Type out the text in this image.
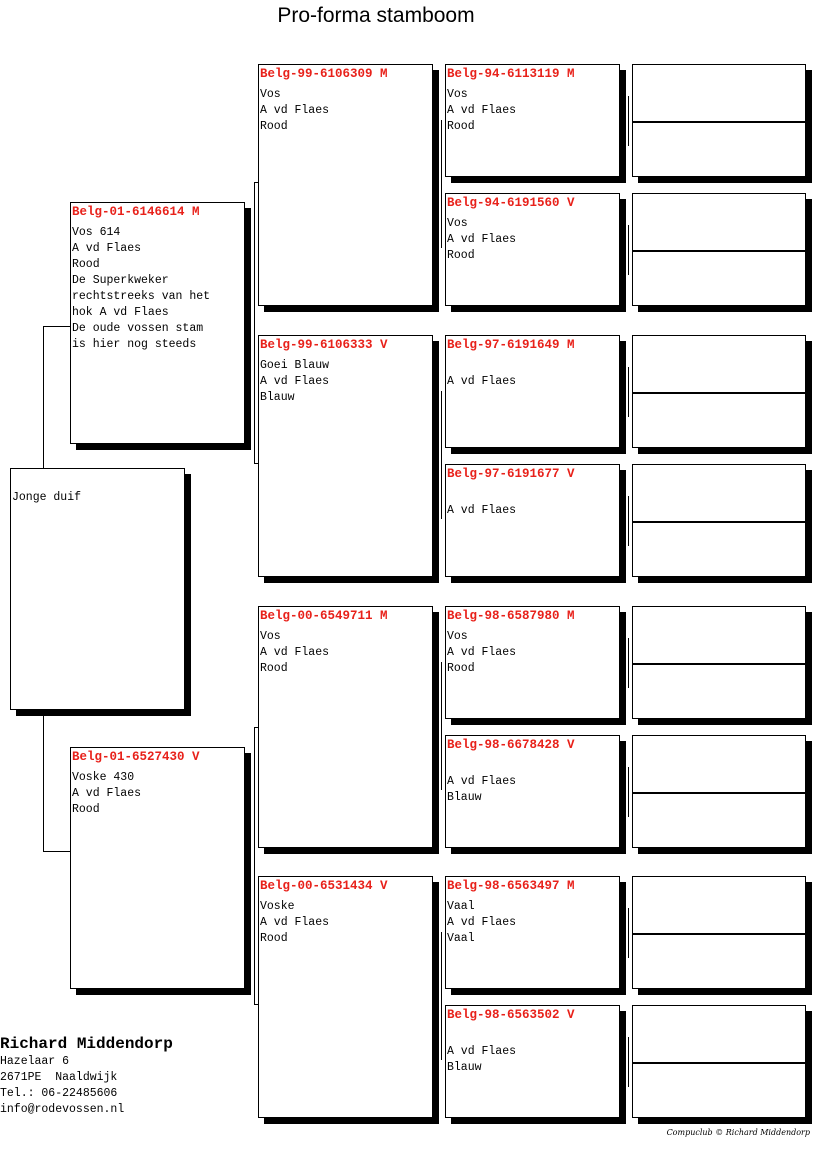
Pro-forma stamboom
Jonge duif
Belg-01-6146614 M
Vos 614
A vd Flaes
Rood
De Superkweker
rechtstreeks van het
hok A vd Flaes
De oude vossen stam
is hier nog steeds
Belg-01-6527430 V
Voske 430
A vd Flaes
Rood
Belg-99-6106309 M
Vos
A vd Flaes
Rood
Belg-99-6106333 V
Goei Blauw
A vd Flaes
Blauw
Belg-00-6549711 M
Vos
A vd Flaes
Rood
Belg-00-6531434 V
Voske
A vd Flaes
Rood
Belg-94-6113119 M
Vos
A vd Flaes
Rood
Belg-94-6191560 V
Vos
A vd Flaes
Rood
Belg-97-6191649 M
A vd Flaes
Belg-97-6191677 V
A vd Flaes
Belg-98-6587980 M
Vos
A vd Flaes
Rood
Belg-98-6678428 V
A vd Flaes
Blauw
Belg-98-6563497 M
Vaal
A vd Flaes
Vaal
Belg-98-6563502 V
A vd Flaes
Blauw
Richard Middendorp
Hazelaar 6
2671PE  Naaldwijk
Tel.: 06-22485606
info@rodevossen.nl
Compuclub © Richard Middendorp
